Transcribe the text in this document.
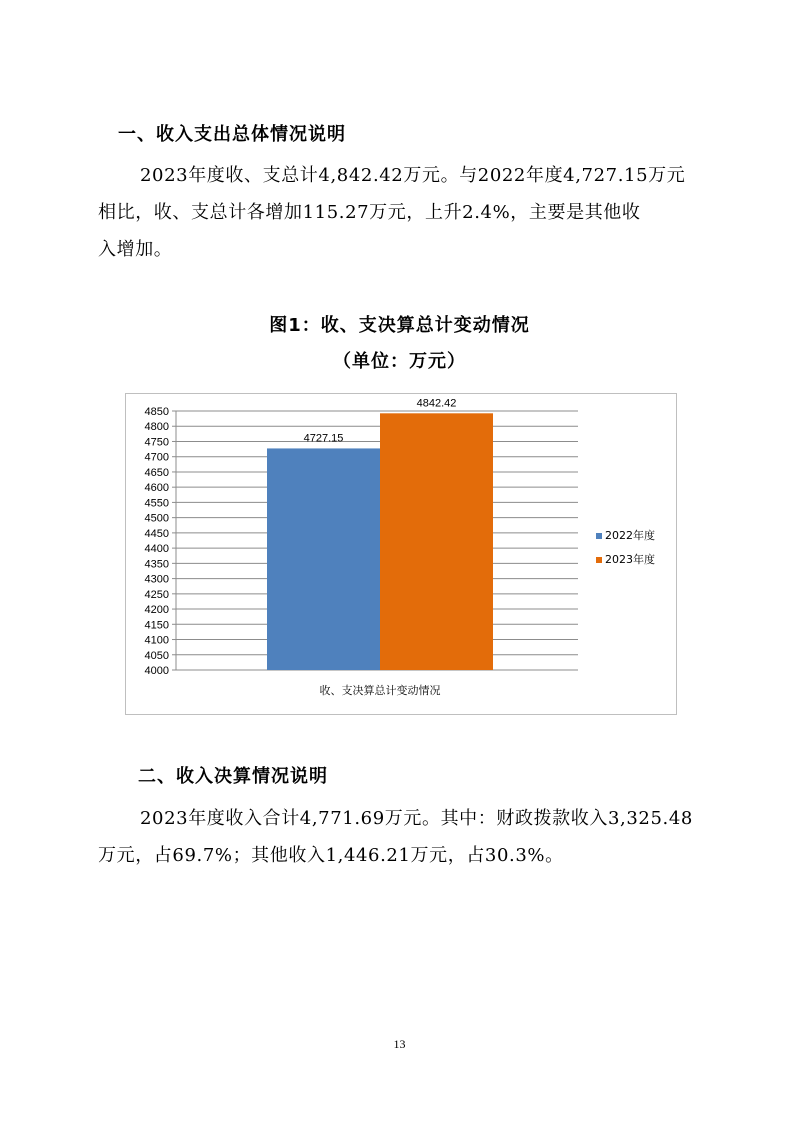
一、收入支出总体情况说明
2023年度收、支总计4,842.42万元。与2022年度4,727.15万元
相比，收、支总计各增加115.27万元，上升2.4%，主要是其他收
入增加。
图1：收、支决算总计变动情况
（单位：万元）
4000
4050
4100
4150
4200
4250
4300
4350
4400
4450
4500
4550
4600
4650
4700
4750
4800
4850
4727.15
4842.42
收、支决算总计变动情况
2022年度
2023年度
二、收入决算情况说明
2023年度收入合计4,771.69万元。其中：财政拨款收入3,325.48
万元，占69.7%；其他收入1,446.21万元，占30.3%。
13
